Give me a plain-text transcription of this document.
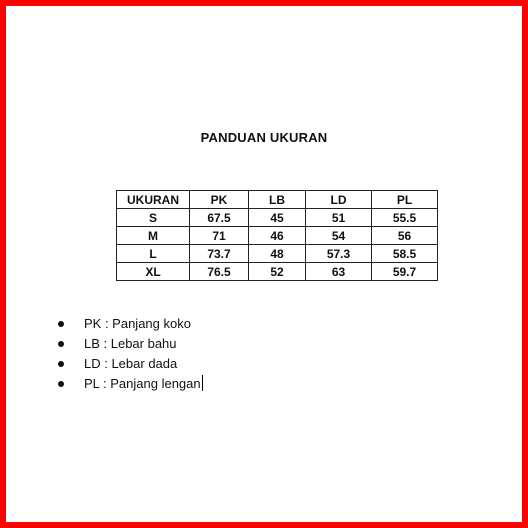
PANDUAN UKURAN
UKURAN	PK	LB	LD	PL
S	67.5	45	51	55.5
M	71	46	54	56
L	73.7	48	57.3	58.5
XL	76.5	52	63	59.7
PK : Panjang koko
LB : Lebar bahu
LD : Lebar dada
PL : Panjang lengan
